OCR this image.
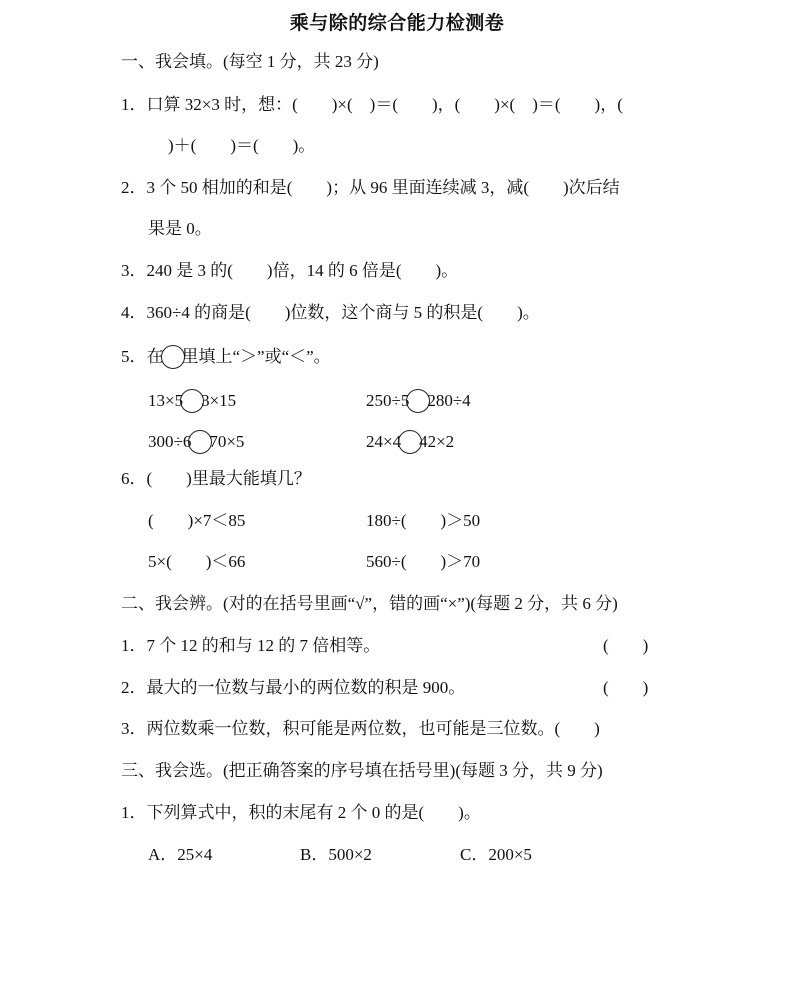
乘与除的综合能力检测卷
一、我会填。(每空 1 分，共 23 分)
1．口算 32×3 时，想：(　　)×(　)＝(　　)，(　　)×(　)＝(　　)，(
)＋(　　)＝(　　)。
2．3 个 50 相加的和是(　　)；从 96 里面连续减 3，减(　　)次后结
果是 0。
3．240 是 3 的(　　)倍，14 的 6 倍是(　　)。
4．360÷4 的商是(　　)位数，这个商与 5 的积是(　　)。
5．在 里填上“＞”或“＜”。
13×5 3×15	250÷5 280÷4
300÷6 70×5	24×4 42×2
6．(　　)里最大能填几？
(　　)×7＜85	180÷(　　)＞50
5×(　　)＜66	560÷(　　)＞70
二、我会辨。(对的在括号里画“√”，错的画“×”)(每题 2 分，共 6 分)
1．7 个 12 的和与 12 的 7 倍相等。	(　　)
2．最大的一位数与最小的两位数的积是 900。	(　　)
3．两位数乘一位数，积可能是两位数，也可能是三位数。(　　)
三、我会选。(把正确答案的序号填在括号里)(每题 3 分，共 9 分)
1．下列算式中，积的末尾有 2 个 0 的是(　　)。
A．25×4	B．500×2	C．200×5
